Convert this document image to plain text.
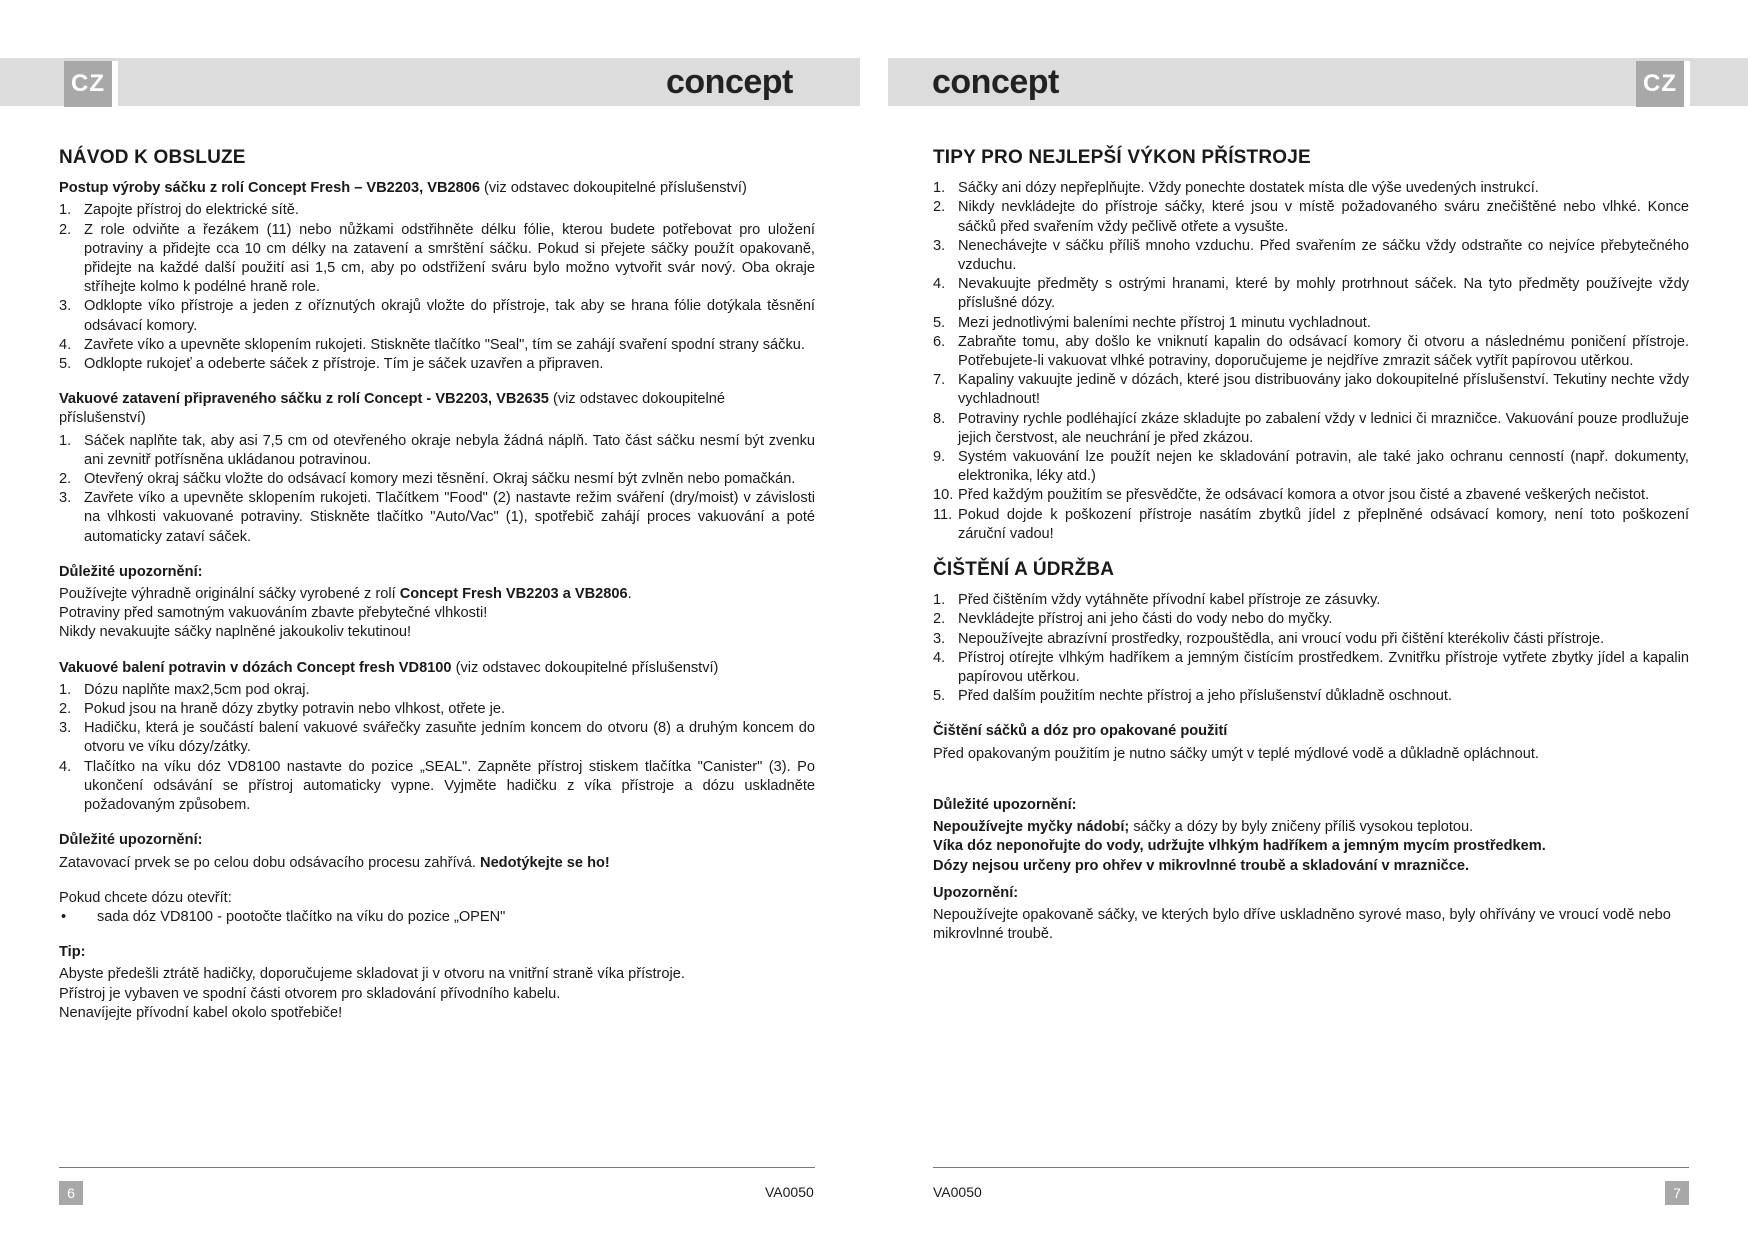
CZ	CZ
concept	concept
NÁVOD K OBSLUZE
Postup výroby sáčku z rolí Concept Fresh – VB2203, VB2806 (viz odstavec dokoupitelné příslušenství)
1. Zapojte přístroj do elektrické sítě.
2. Z role odviňte a řezákem (11) nebo nůžkami odstřihněte délku fólie, kterou budete potřebovat pro uložení potraviny a přidejte cca 10 cm délky na zatavení a smrštění sáčku. Pokud si přejete sáčky použít opakovaně, přidejte na každé další použití asi 1,5 cm, aby po odstřižení sváru bylo možno vytvořit svár nový. Oba okraje stříhejte kolmo k podélné hraně role.
3. Odklopte víko přístroje a jeden z oříznutých okrajů vložte do přístroje, tak aby se hrana fólie dotýkala těsnění odsávací komory.
4. Zavřete víko a upevněte sklopením rukojeti. Stiskněte tlačítko "Seal", tím se zahájí svaření spodní strany sáčku.
5. Odklopte rukojeť a odeberte sáček z přístroje. Tím je sáček uzavřen a připraven.
Vakuové zatavení připraveného sáčku z rolí Concept - VB2203, VB2635 (viz odstavec dokoupitelné příslušenství)
1. Sáček naplňte tak, aby asi 7,5 cm od otevřeného okraje nebyla žádná náplň. Tato část sáčku nesmí být zvenku ani zevnitř potřísněna ukládanou potravinou.
2. Otevřený okraj sáčku vložte do odsávací komory mezi těsnění. Okraj sáčku nesmí být zvlněn nebo pomačkán.
3. Zavřete víko a upevněte sklopením rukojeti. Tlačítkem "Food" (2) nastavte režim sváření (dry/moist) v závislosti na vlhkosti vakuované potraviny. Stiskněte tlačítko "Auto/Vac" (1), spotřebič zahájí proces vakuování a poté automaticky zataví sáček.
Důležité upozornění:

Používejte výhradně originální sáčky vyrobené z rolí Concept Fresh VB2203 a VB2806.

Potraviny před samotným vakuováním zbavte přebytečné vlhkosti!

Nikdy nevakuujte sáčky naplněné jakoukoliv tekutinou!

Vakuové balení potravin v dózách Concept fresh VD8100 (viz odstavec dokoupitelné příslušenství)
1. Dózu naplňte max2,5cm pod okraj.
2. Pokud jsou na hraně dózy zbytky potravin nebo vlhkost, otřete je.
3. Hadičku, která je součástí balení vakuové svářečky zasuňte jedním koncem do otvoru (8) a druhým koncem do otvoru ve víku dózy/zátky.
4. Tlačítko na víku dóz VD8100 nastavte do pozice „SEAL". Zapněte přístroj stiskem tlačítka "Canister" (3). Po ukončení odsávání se přístroj automaticky vypne. Vyjměte hadičku z víka přístroje a dózu uskladněte požadovaným způsobem.
Důležité upozornění:

Zatavovací prvek se po celou dobu odsávacího procesu zahřívá. Nedotýkejte se ho!

Pokud chcete dózu otevřít:

• sada dóz VD8100 - pootočte tlačítko na víku do pozice „OPEN"

Tip:

Abyste předešli ztrátě hadičky, doporučujeme skladovat ji v otvoru na vnitřní straně víka přístroje.

Přístroj je vybaven ve spodní části otvorem pro skladování přívodního kabelu.

Nenavíjejte přívodní kabel okolo spotřebiče!

TIPY PRO NEJLEPŠÍ VÝKON PŘÍSTROJE
1. Sáčky ani dózy nepřeplňujte. Vždy ponechte dostatek místa dle výše uvedených instrukcí.
2. Nikdy nevkládejte do přístroje sáčky, které jsou v místě požadovaného sváru znečištěné nebo vlhké. Konce sáčků před svařením vždy pečlivě otřete a vysušte.
3. Nenechávejte v sáčku příliš mnoho vzduchu. Před svařením ze sáčku vždy odstraňte co nejvíce přebytečného vzduchu.
4. Nevakuujte předměty s ostrými hranami, které by mohly protrhnout sáček. Na tyto předměty používejte vždy příslušné dózy.
5. Mezi jednotlivými baleními nechte přístroj 1 minutu vychladnout.
6. Zabraňte tomu, aby došlo ke vniknutí kapalin do odsávací komory či otvoru a následnému poničení přístroje. Potřebujete-li vakuovat vlhké potraviny, doporučujeme je nejdříve zmrazit sáček vytřít papírovou utěrkou.
7. Kapaliny vakuujte jedině v dózách, které jsou distribuovány jako dokoupitelné příslušenství. Tekutiny nechte vždy vychladnout!
8. Potraviny rychle podléhající zkáze skladujte po zabalení vždy v lednici či mrazničce. Vakuování pouze prodlužuje jejich čerstvost, ale neuchrání je před zkázou.
9. Systém vakuování lze použít nejen ke skladování potravin, ale také jako ochranu cenností (např. dokumenty, elektronika, léky atd.)
10. Před každým použitím se přesvědčte, že odsávací komora a otvor jsou čisté a zbavené veškerých nečistot.
11. Pokud dojde k poškození přístroje nasátím zbytků jídel z přeplněné odsávací komory, není toto poškození záruční vadou!
ČIŠTĚNÍ A ÚDRŽBA
1. Před čištěním vždy vytáhněte přívodní kabel přístroje ze zásuvky.
2. Nevkládejte přístroj ani jeho části do vody nebo do myčky.
3. Nepoužívejte abrazívní prostředky, rozpouštědla, ani vroucí vodu při čištění kterékoliv části přístroje.
4. Přístroj otírejte vlhkým hadříkem a jemným čistícím prostředkem. Zvnitřku přístroje vytřete zbytky jídel a kapalin papírovou utěrkou.
5. Před dalším použitím nechte přístroj a jeho příslušenství důkladně oschnout.
Čištění sáčků a dóz pro opakované použití

Před opakovaným použitím je nutno sáčky umýt v teplé mýdlové vodě a důkladně opláchnout.

Důležité upozornění:

Nepoužívejte myčky nádobí; sáčky a dózy by byly zničeny příliš vysokou teplotou.

Víka dóz neponořujte do vody, udržujte vlhkým hadříkem a jemným mycím prostředkem.

Dózy nejsou určeny pro ohřev v mikrovlnné troubě a skladování v mrazničce.

Upozornění:

Nepoužívejte opakovaně sáčky, ve kterých bylo dříve uskladněno syrové maso, byly ohřívány ve vroucí vodě nebo mikrovlnné troubě.

6	7
VA0050	VA0050
